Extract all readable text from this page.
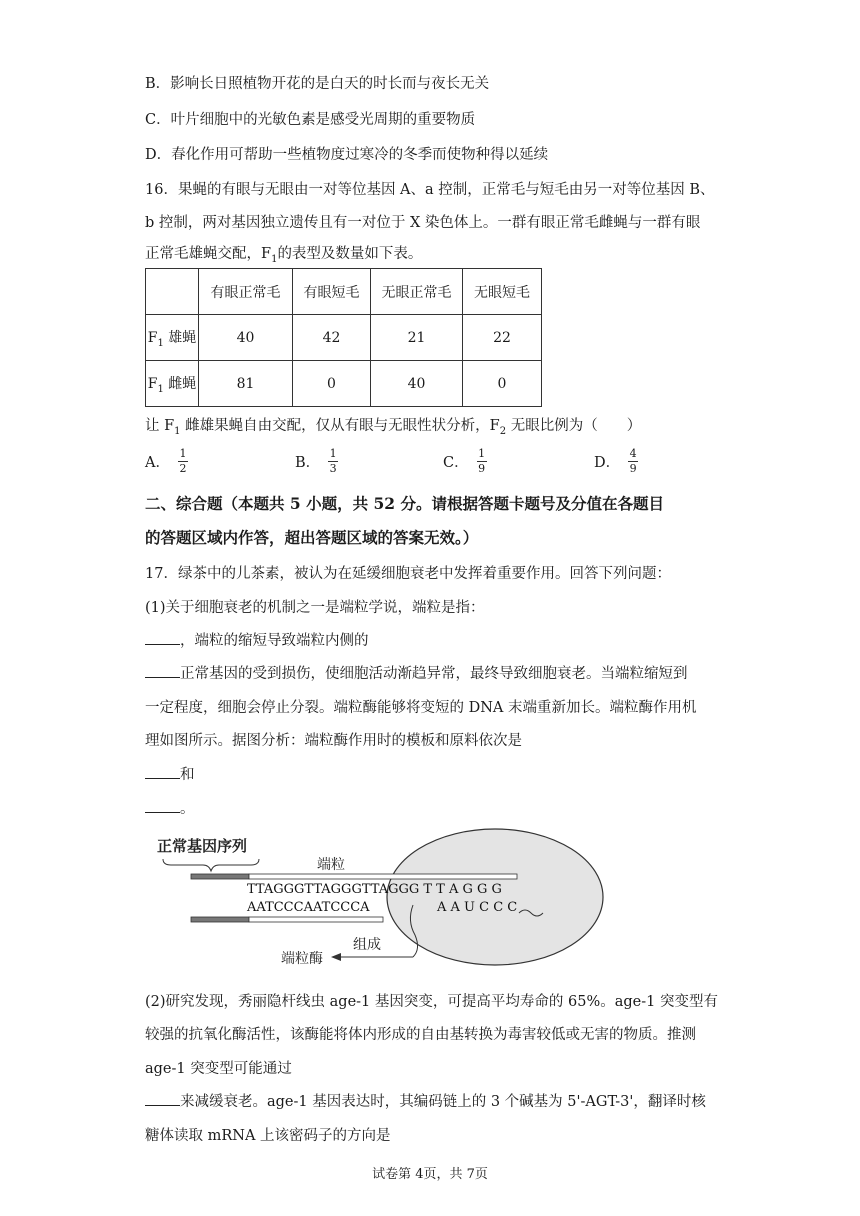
B．影响长日照植物开花的是白天的时长而与夜长无关
C．叶片细胞中的光敏色素是感受光周期的重要物质
D．春化作用可帮助一些植物度过寒冷的冬季而使物种得以延续
16．果蝇的有眼与无眼由一对等位基因 A、a 控制，正常毛与短毛由另一对等位基因 B、
b 控制，两对基因独立遗传且有一对位于 X 染色体上。一群有眼正常毛雌蝇与一群有眼
正常毛雄蝇交配，$F_1$的表型及数量如下表。
	有眼正常毛	有眼短毛	无眼正常毛	无眼短毛
$F_1$ 雄蝇	40	42	21	22
$F_1$ 雌蝇	81	0	40	0
让 $F_1$ 雌雄果蝇自由交配，仅从有眼与无眼性状分析，$F_2$ 无眼比例为（　　）
A． $\frac{1}{2}$	B． $\frac{1}{3}$	C． $\frac{1}{9}$	D． $\frac{4}{9}$
二、综合题（本题共 5 小题，共 52 分。请根据答题卡题号及分值在各题目
的答题区域内作答，超出答题区域的答案无效。）
17．绿茶中的儿茶素，被认为在延缓细胞衰老中发挥着重要作用。回答下列问题：
(1)关于细胞衰老的机制之一是端粒学说，端粒是指：
，端粒的缩短导致端粒内侧的
正常基因的受到损伤，使细胞活动渐趋异常，最终导致细胞衰老。当端粒缩短到
一定程度，细胞会停止分裂。端粒酶能够将变短的 DNA 末端重新加长。端粒酶作用机
理如图所示。据图分析：端粒酶作用时的模板和原料依次是
和
。
正常基因序列
端粒
TTAGGGTTAGGGTTAGGG T T A G G G
AATCCCAATCCCA	A A U C C C
组成
端粒酶
(2)研究发现，秀丽隐杆线虫 age-1 基因突变，可提高平均寿命的 65%。age-1 突变型有
较强的抗氧化酶活性，该酶能将体内形成的自由基转换为毒害较低或无害的物质。推测
age-1 突变型可能通过
来减缓衰老。age-1 基因表达时，其编码链上的 3 个碱基为 5'-AGT-3'，翻译时核
糖体读取 mRNA 上该密码子的方向是
试卷第 4页，共 7页
